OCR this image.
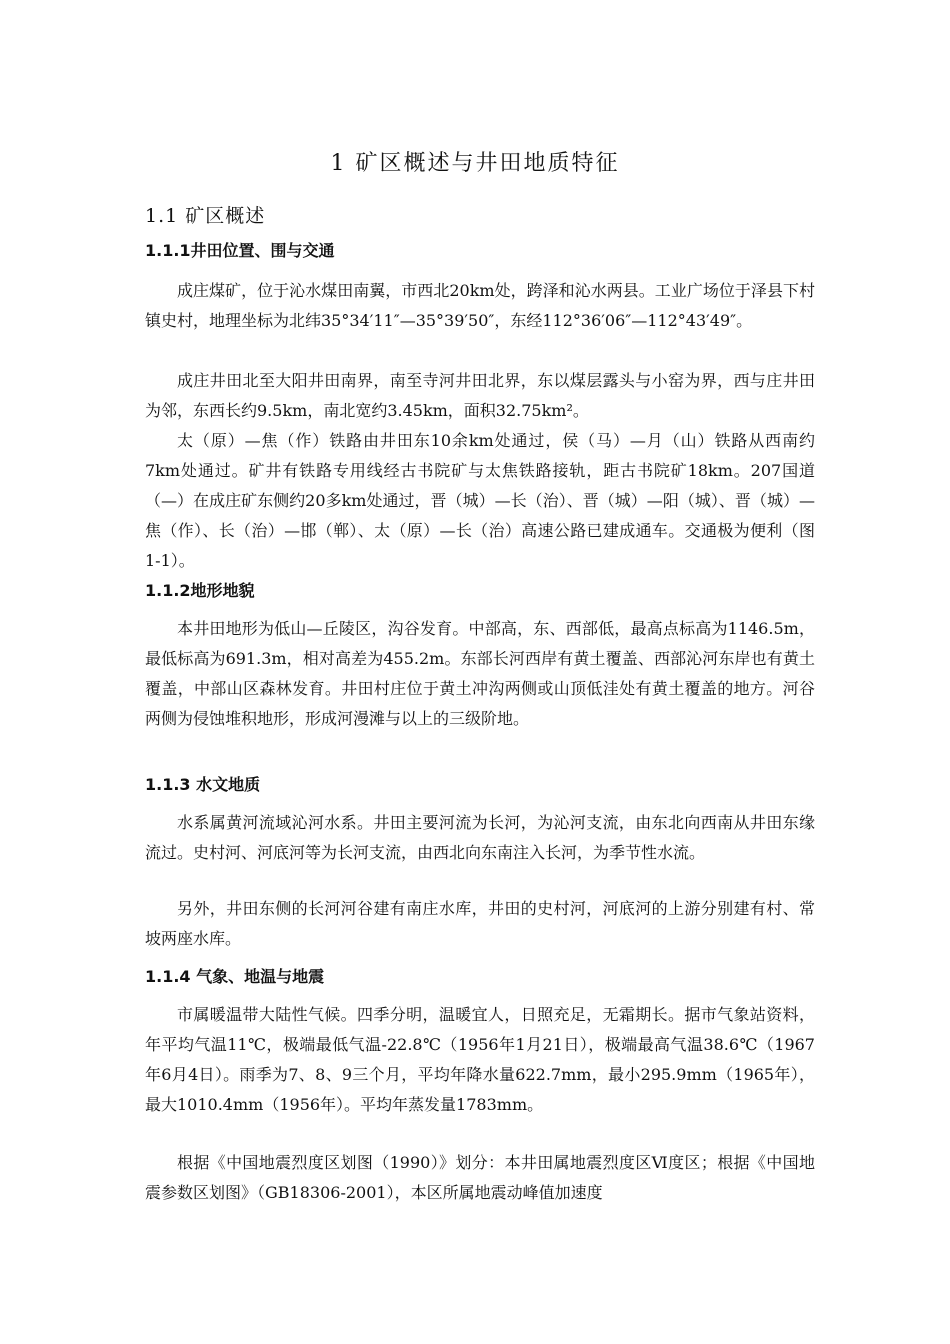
1 矿区概述与井田地质特征
1.1 矿区概述
1.1.1井田位置、围与交通
成庄煤矿，位于沁水煤田南翼，市西北20km处，跨泽和沁水两县。工业广场位于泽县下村镇史村，地理坐标为北纬35°34′11″—35°39′50″，东经112°36′06″—112°43′49″。
成庄井田北至大阳井田南界，南至寺河井田北界，东以煤层露头与小窑为界，西与庄井田为邻，东西长约9.5km，南北宽约3.45km，面积32.75km²。
太（原）—焦（作）铁路由井田东10余km处通过，侯（马）—月（山）铁路从西南约7km处通过。矿井有铁路专用线经古书院矿与太焦铁路接轨，距古书院矿18km。207国道（—）在成庄矿东侧约20多km处通过，晋（城）—长（治）、晋（城）—阳（城）、晋（城）—焦（作）、长（治）—邯（郸）、太（原）—长（治）高速公路已建成通车。交通极为便利（图1-1）。
1.1.2地形地貌
本井田地形为低山—丘陵区，沟谷发育。中部高，东、西部低，最高点标高为1146.5m，最低标高为691.3m，相对高差为455.2m。东部长河西岸有黄土覆盖、西部沁河东岸也有黄土覆盖，中部山区森林发育。井田村庄位于黄土冲沟两侧或山顶低洼处有黄土覆盖的地方。河谷两侧为侵蚀堆积地形，形成河漫滩与以上的三级阶地。
1.1.3 水文地质
水系属黄河流域沁河水系。井田主要河流为长河，为沁河支流，由东北向西南从井田东缘流过。史村河、河底河等为长河支流，由西北向东南注入长河，为季节性水流。
另外，井田东侧的长河河谷建有南庄水库，井田的史村河，河底河的上游分别建有村、常坡两座水库。
1.1.4 气象、地温与地震
市属暖温带大陆性气候。四季分明，温暖宜人，日照充足，无霜期长。据市气象站资料，年平均气温11℃，极端最低气温-22.8℃（1956年1月21日），极端最高气温38.6℃（1967年6月4日）。雨季为7、8、9三个月，平均年降水量622.7mm，最小295.9mm（1965年），最大1010.4mm（1956年）。平均年蒸发量1783mm。
根据《中国地震烈度区划图（1990）》划分：本井田属地震烈度区Ⅵ度区；根据《中国地震参数区划图》（GB18306-2001），本区所属地震动峰值加速度
